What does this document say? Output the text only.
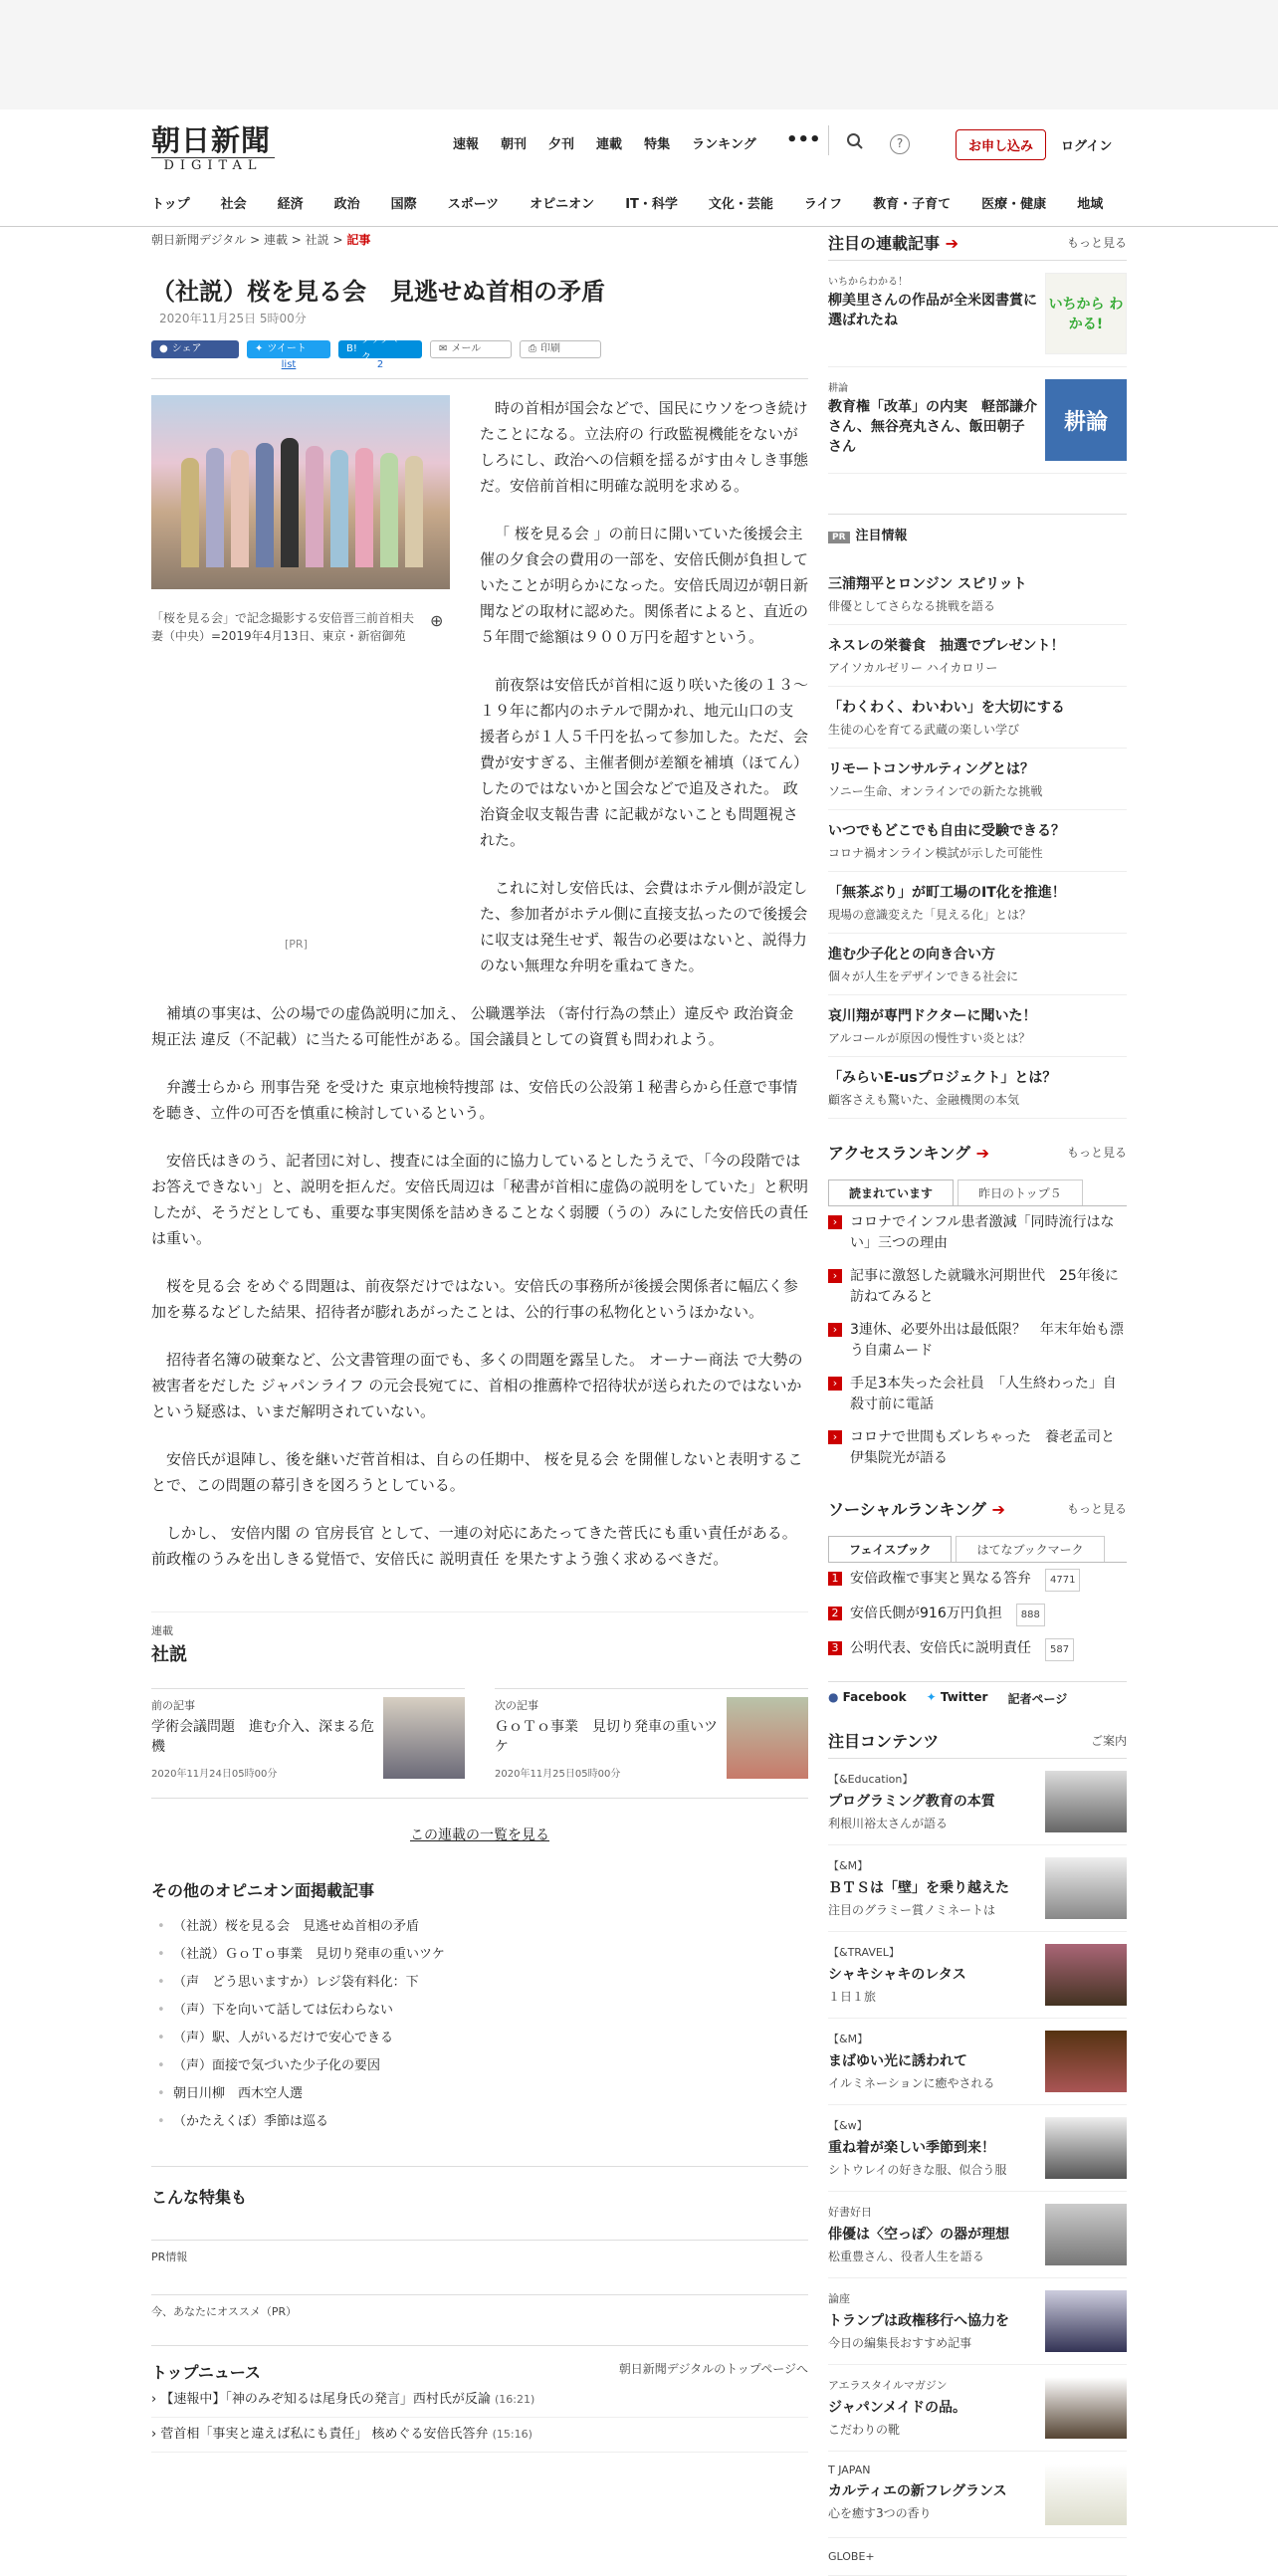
朝日新聞
DIGITAL
速報 朝刊 夕刊 連載 特集 ランキング •••	?	お申し込み	ログイン
トップ 社会 経済 政治 国際 スポーツ オピニオン IT・科学 文化・芸能 ライフ 教育・子育て 医療・健康 地域
朝日新聞デジタル > 連載 > 社説 > 記事
（社説）桜を見る会　見逃せぬ首相の矛盾
2020年11月25日 5時00分
● シェア	✦ ツイート	B!
ブックマーク
✉ メール	⎙ 印刷
list	2
「桜を見る会」で記念撮影する安倍晋三前首相夫妻（中央）=2019年4月13日、東京・新宿御苑
⊕
[PR]

時の首相が国会などで、国民にウソをつき続けたことになる。立法府の 行政監視機能をないがしろにし、政治への信頼を揺るがす由々しき事態だ。安倍前首相に明確な説明を求める。

「 桜を見る会 」の前日に開いていた後援会主催の夕食会の費用の一部を、安倍氏側が負担していたことが明らかになった。安倍氏周辺が朝日新聞などの取材に認めた。関係者によると、直近の５年間で総額は９００万円を超すという。

前夜祭は安倍氏が首相に返り咲いた後の１３～１９年に都内のホテルで開かれ、地元山口の支援者らが１人５千円を払って参加した。ただ、会費が安すぎる、主催者側が差額を補填（ほてん）したのではないかと国会などで追及された。 政治資金収支報告書 に記載がないことも問題視された。

これに対し安倍氏は、会費はホテル側が設定した、参加者がホテル側に直接支払ったので後援会に収支は発生せず、報告の必要はないと、説得力のない無理な弁明を重ねてきた。

補填の事実は、公の場での虚偽説明に加え、 公職選挙法 （寄付行為の禁止）違反や 政治資金規正法 違反（不記載）に当たる可能性がある。国会議員としての資質も問われよう。

弁護士らから 刑事告発 を受けた 東京地検特捜部 は、安倍氏の公設第１秘書らから任意で事情を聴き、立件の可否を慎重に検討しているという。

安倍氏はきのう、記者団に対し、捜査には全面的に協力しているとしたうえで、「今の段階ではお答えできない」と、説明を拒んだ。安倍氏周辺は「秘書が首相に虚偽の説明をしていた」と釈明したが、そうだとしても、重要な事実関係を詰めきることなく弱腰（うの）みにした安倍氏の責任は重い。

桜を見る会 をめぐる問題は、前夜祭だけではない。安倍氏の事務所が後援会関係者に幅広く参加を募るなどした結果、招待者が膨れあがったことは、公的行事の私物化というほかない。

招待者名簿の破棄など、公文書管理の面でも、多くの問題を露呈した。 オーナー商法 で大勢の被害者をだした ジャパンライフ の元会長宛てに、首相の推薦枠で招待状が送られたのではないかという疑惑は、いまだ解明されていない。

安倍氏が退陣し、後を継いだ菅首相は、自らの任期中、 桜を見る会 を開催しないと表明することで、この問題の幕引きを図ろうとしている。

しかし、 安倍内閣 の 官房長官 として、一連の対応にあたってきた菅氏にも重い責任がある。前政権のうみを出しきる覚悟で、安倍氏に 説明責任 を果たすよう強く求めるべきだ。

連載
社説
前の記事
学術会議問題　進む介入、深まる危機
2020年11月24日05時00分
次の記事
ＧｏＴｏ事業　見切り発車の重いツケ
2020年11月25日05時00分
この連載の一覧を見る
その他のオピニオン面掲載記事
• （社説）桜を見る会　見逃せぬ首相の矛盾
• （社説）ＧｏＴｏ事業　見切り発車の重いツケ
• （声　どう思いますか）レジ袋有料化：下
• （声）下を向いて話しては伝わらない
• （声）駅、人がいるだけで安心できる
• （声）面接で気づいた少子化の要因
• 朝日川柳　西木空人選
• （かたえくぼ）季節は巡る
こんな特集も
PR情報
今、あなたにオススメ（PR）
トップニュース	朝日新聞デジタルのトップページへ
› 【速報中】「神のみぞ知るは尾身氏の発言」西村氏が反論 (16:21)
› 菅首相「事実と違えば私にも責任」 核めぐる安倍氏答弁 (15:16)
注目の連載記事 ➔	もっと見る
いちからわかる！
柳美里さんの作品が全米図書賞に選ばれたね
いちから わかる!
耕論
教育権「改革」の内実　軽部謙介さん、無谷亮丸さん、飯田朝子さん
耕論
PR 注目情報
三浦翔平とロンジン スピリット
俳優としてさらなる挑戦を語る
ネスレの栄養食　抽選でプレゼント！
アイソカルゼリー ハイカロリー
「わくわく、わいわい」を大切にする
生徒の心を育てる武蔵の楽しい学び
リモートコンサルティングとは？
ソニー生命、オンラインでの新たな挑戦
いつでもどこでも自由に受験できる？
コロナ禍オンライン模試が示した可能性
「無茶ぶり」が町工場のIT化を推進！
現場の意識変えた「見える化」とは？
進む少子化との向き合い方
個々が人生をデザインできる社会に
哀川翔が専門ドクターに聞いた！
アルコールが原因の慢性すい炎とは？
「みらいE-usプロジェクト」とは？
顧客さえも驚いた、金融機関の本気
アクセスランキング ➔	もっと見る
読まれています	昨日のトップ５
› コロナでインフル患者激減「同時流行はない」三つの理由
› 記事に激怒した就職氷河期世代　25年後に訪ねてみると
› 3連休、必要外出は最低限？　年末年始も漂う自粛ムード
› 手足3本失った会社員　「人生終わった」自殺寸前に電話
› コロナで世間もズレちゃった　養老孟司と伊集院光が語る
ソーシャルランキング ➔	もっと見る
フェイスブック	はてなブックマーク
1 安倍政権で事実と異なる答弁	4771
2 安倍氏側が916万円負担	888
3 公明代表、安倍氏に説明責任	587
● Facebook ✦ Twitter 記者ページ
注目コンテンツ	ご案内
【&Education】
プログラミング教育の本質
利根川裕太さんが語る
【&M】
ＢＴＳは「壁」を乗り越えた
注目のグラミー賞ノミネートは
【&TRAVEL】
シャキシャキのレタス
１日１旅
【&M】
まばゆい光に誘われて
イルミネーションに癒やされる
【&w】
重ね着が楽しい季節到来！
シトウレイの好きな服、似合う服
好書好日
俳優は〈空っぽ〉の器が理想
松重豊さん、役者人生を語る
論座
トランプは政権移行へ協力を
今日の編集長おすすめ記事
アエラスタイルマガジン
ジャパンメイドの品。
こだわりの靴
T JAPAN
カルティエの新フレグランス
心を癒す3つの香り
GLOBE+
